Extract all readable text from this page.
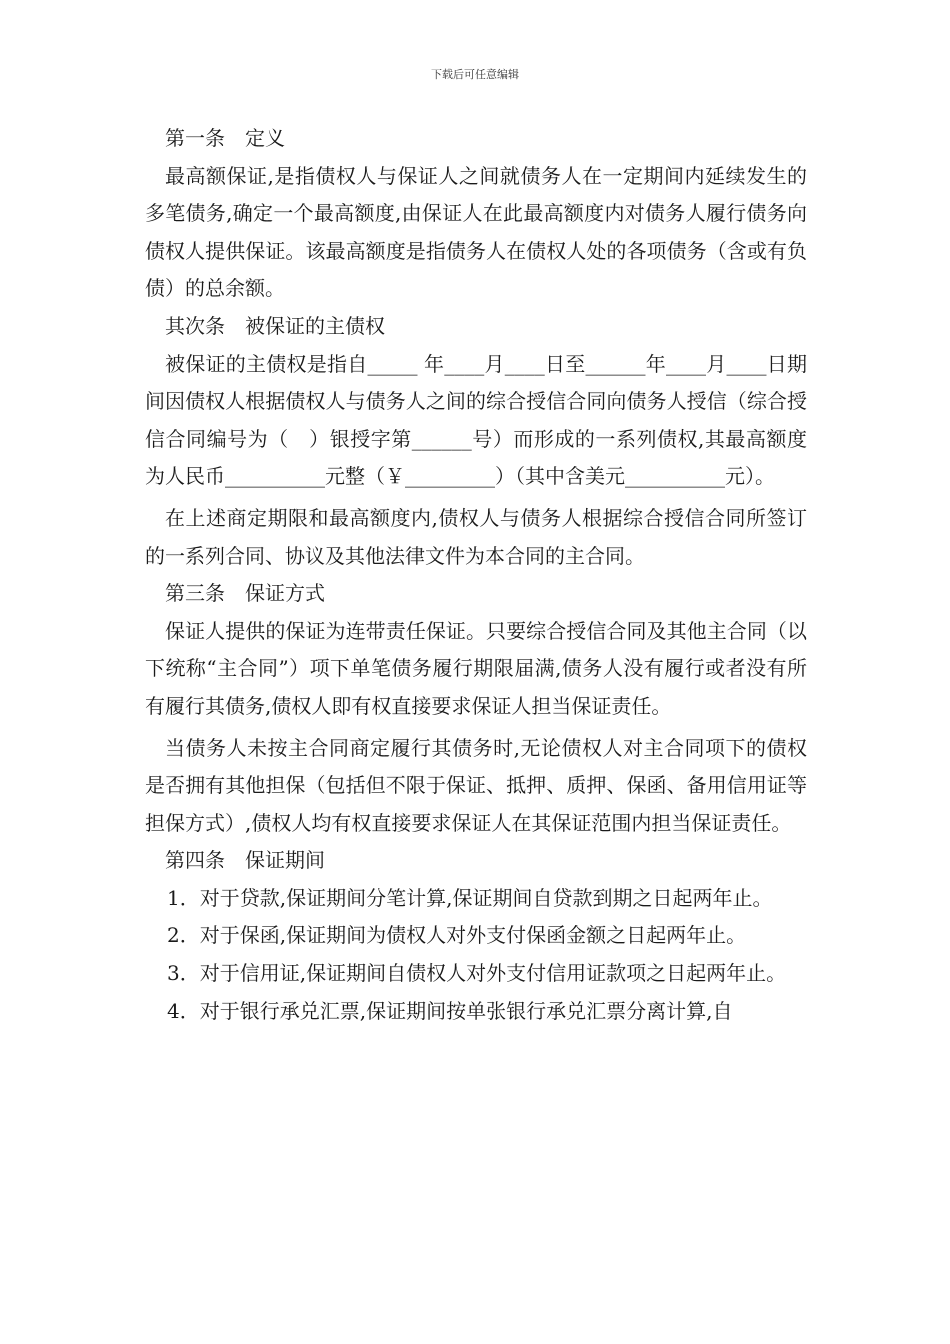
下载后可任意编辑

第一条　定义

最高额保证,是指债权人与保证人之间就债务人在一定期间内延续发生的多笔债务,确定一个最高额度,由保证人在此最高额度内对债务人履行债务向债权人提供保证。该最高额度是指债务人在债权人处的各项债务（含或有负债）的总余额。

其次条　被保证的主债权

被保证的主债权是指自_____ 年____月____日至______年____月____日期间因债权人根据债权人与债务人之间的综合授信合同向债务人授信（综合授信合同编号为（　）银授字第______号）而形成的一系列债权,其最高额度为人民币__________元整（￥_________）（其中含美元__________元）。

在上述商定期限和最高额度内,债权人与债务人根据综合授信合同所签订的一系列合同、协议及其他法律文件为本合同的主合同。

第三条　保证方式

保证人提供的保证为连带责任保证。只要综合授信合同及其他主合同（以下统称“主合同”）项下单笔债务履行期限届满,债务人没有履行或者没有所有履行其债务,债权人即有权直接要求保证人担当保证责任。

当债务人未按主合同商定履行其债务时,无论债权人对主合同项下的债权是否拥有其他担保（包括但不限于保证、抵押、质押、保函、备用信用证等担保方式）,债权人均有权直接要求保证人在其保证范围内担当保证责任。

第四条　保证期间

1．对于贷款,保证期间分笔计算,保证期间自贷款到期之日起两年止。

2．对于保函,保证期间为债权人对外支付保函金额之日起两年止。

3．对于信用证,保证期间自债权人对外支付信用证款项之日起两年止。

4．对于银行承兑汇票,保证期间按单张银行承兑汇票分离计算,自
